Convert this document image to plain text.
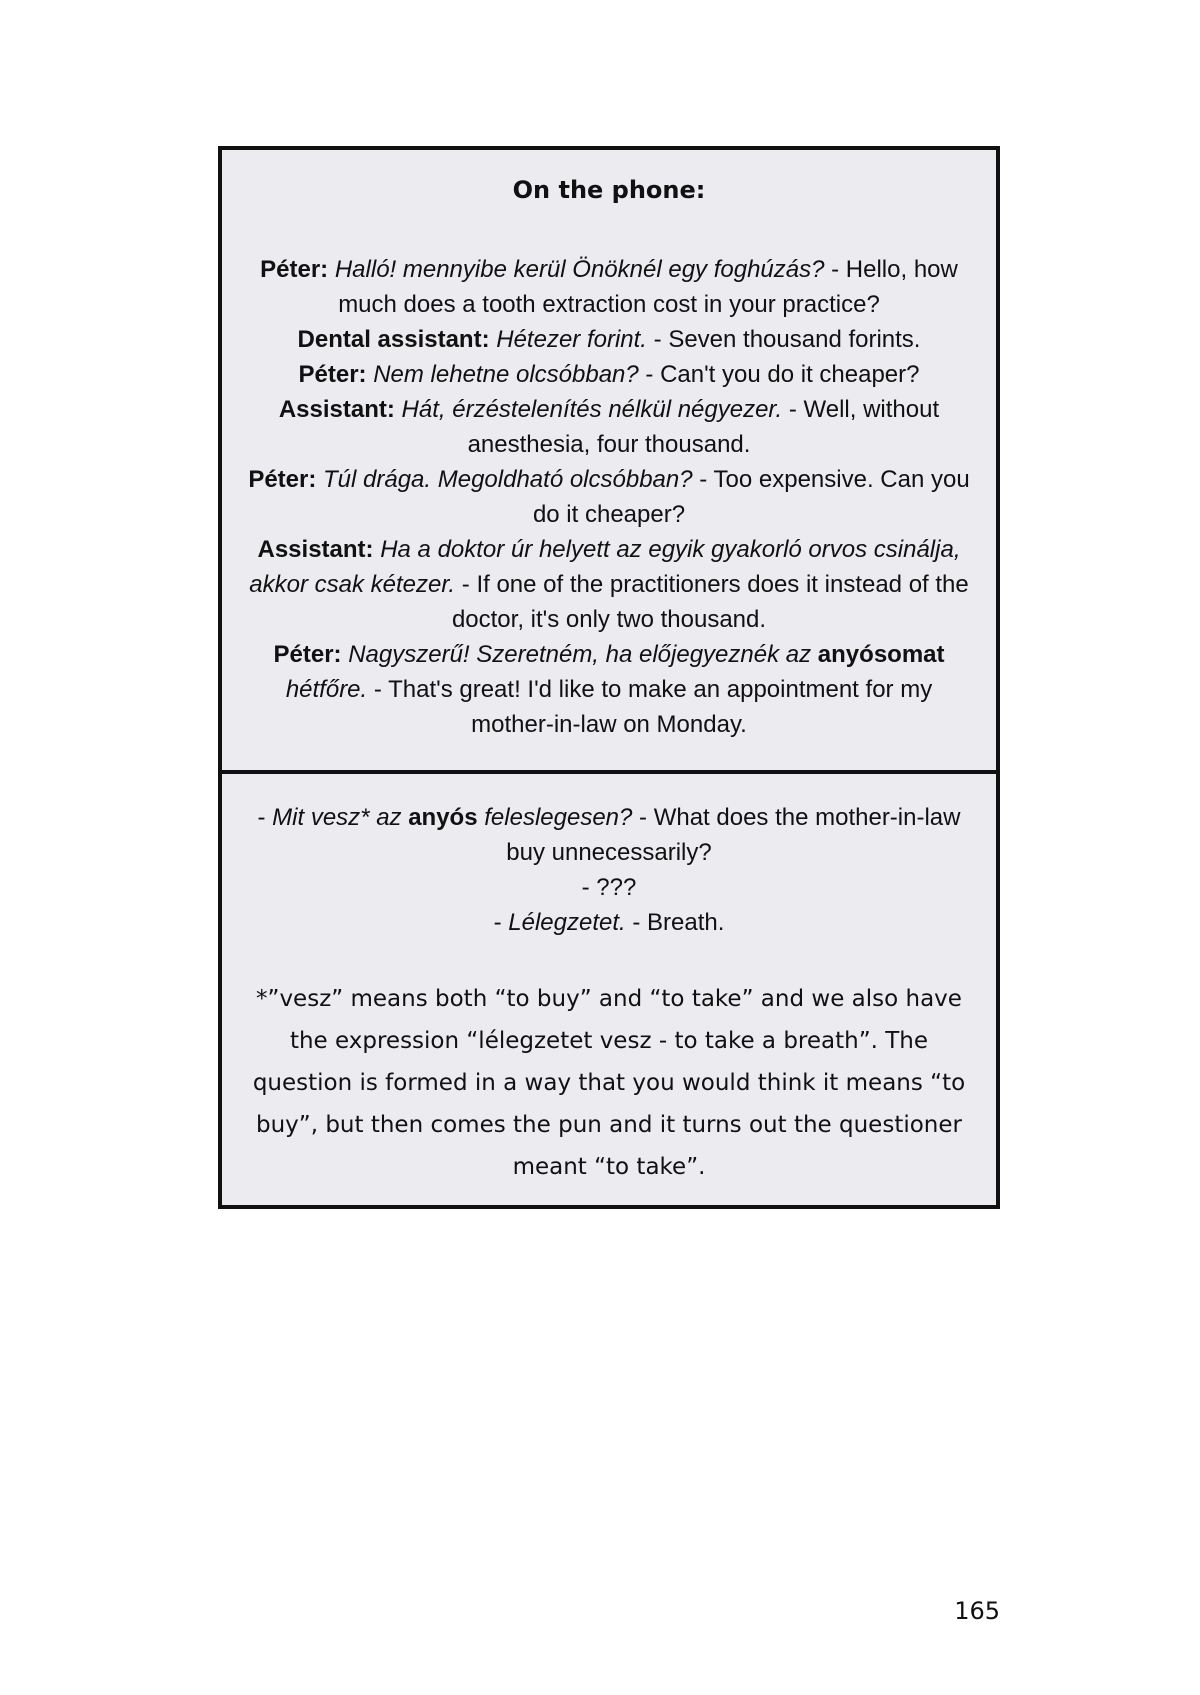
On the phone:

Péter: Halló! mennyibe kerül Önöknél egy foghúzás? - Hello, how much does a tooth extraction cost in your practice?

Dental assistant: Hétezer forint. - Seven thousand forints.

Péter: Nem lehetne olcsóbban? - Can't you do it cheaper?

Assistant: Hát, érzéstelenítés nélkül négyezer. - Well, without anesthesia, four thousand.

Péter: Túl drága. Megoldható olcsóbban? - Too expensive. Can you do it cheaper?

Assistant: Ha a doktor úr helyett az egyik gyakorló orvos csinálja, akkor csak kétezer. - If one of the practitioners does it instead of the doctor, it's only two thousand.

Péter: Nagyszerű! Szeretném, ha előjegyeznék az anyósomat hétfőre. - That's great! I'd like to make an appointment for my mother-in-law on Monday.

- Mit vesz* az anyós feleslegesen? - What does the mother-in-law buy unnecessarily?

- ???

- Lélegzetet. - Breath.

*”vesz” means both “to buy” and “to take” and we also have the expression “lélegzetet vesz - to take a breath”. The question is formed in a way that you would think it means “to buy”, but then comes the pun and it turns out the questioner meant “to take”.
165
